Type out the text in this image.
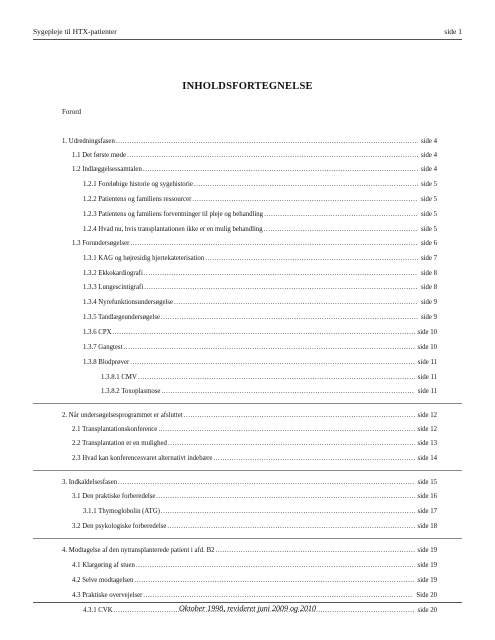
Sygepleje til HTX-patienter	side 1
INHOLDSFORTEGNELSE
Forord
1. Udredningsfasen .....	side 4
1.1 Det første møde .....	side 4
1.2 Indlæggelsessamtalen .....	side 4
1.2.1 Foreløbige historie og sygehistorie .....	side 5
1.2.2 Patientens og familiens ressourcer .....	side 5
1.2.3 Patientens og familiens forventninger til pleje og behandling .....	side 5
1.2.4 Hvad nu, hvis transplantationen ikke er en mulig behandling .....	side 5
1.3 Forundersøgelser .....	side 6
1.3.1 KAG og højresidig hjertekateterisation .....	side 7
1.3.2 Ekkokardiografi .....	side 8
1.3.3 Lungescintigrafi .....	side 8
1.3.4 Nyrefunktionsundersøgelse .....	side 9
1.3.5 Tandlægeundersøgelse .....	side 9
1.3.6 CPX .....	side 10
1.3.7 Gangtest .....	side 10
1.3.8 Blodprøver .....	side 11
1.3.8.1 CMV .....	side 11
1.3.8.2 Toxoplasmose .....	side 11
2. Når undersøgelsesprogrammet er afsluttet .....	side 12
2.1 Transplantationskonference .....	side 12
2.2 Transplantation er en mulighed .....	side 13
2.3 Hvad kan konferencesvaret alternativt indebære .....	side 14
3. Indkaldelsesfasen .....	side 15
3.1 Den praktiske forberedelse .....	side 16
3.1.1 Thymoglobolin (ATG) .....	side 17
3.2 Den psykologiske forberedelse .....	side 18
4. Modtagelse af den nytransplanterede patient i afd. B2 .....	side 19
4.1 Klargøring af stuen .....	side 19
4.2 Selve modtagelsen .....	side 19
4.3 Praktiske overvejelser .....	Side 20
4.3.1 CVK .....	side 20
Oktober 1998, revideret juni 2009 og 2010
